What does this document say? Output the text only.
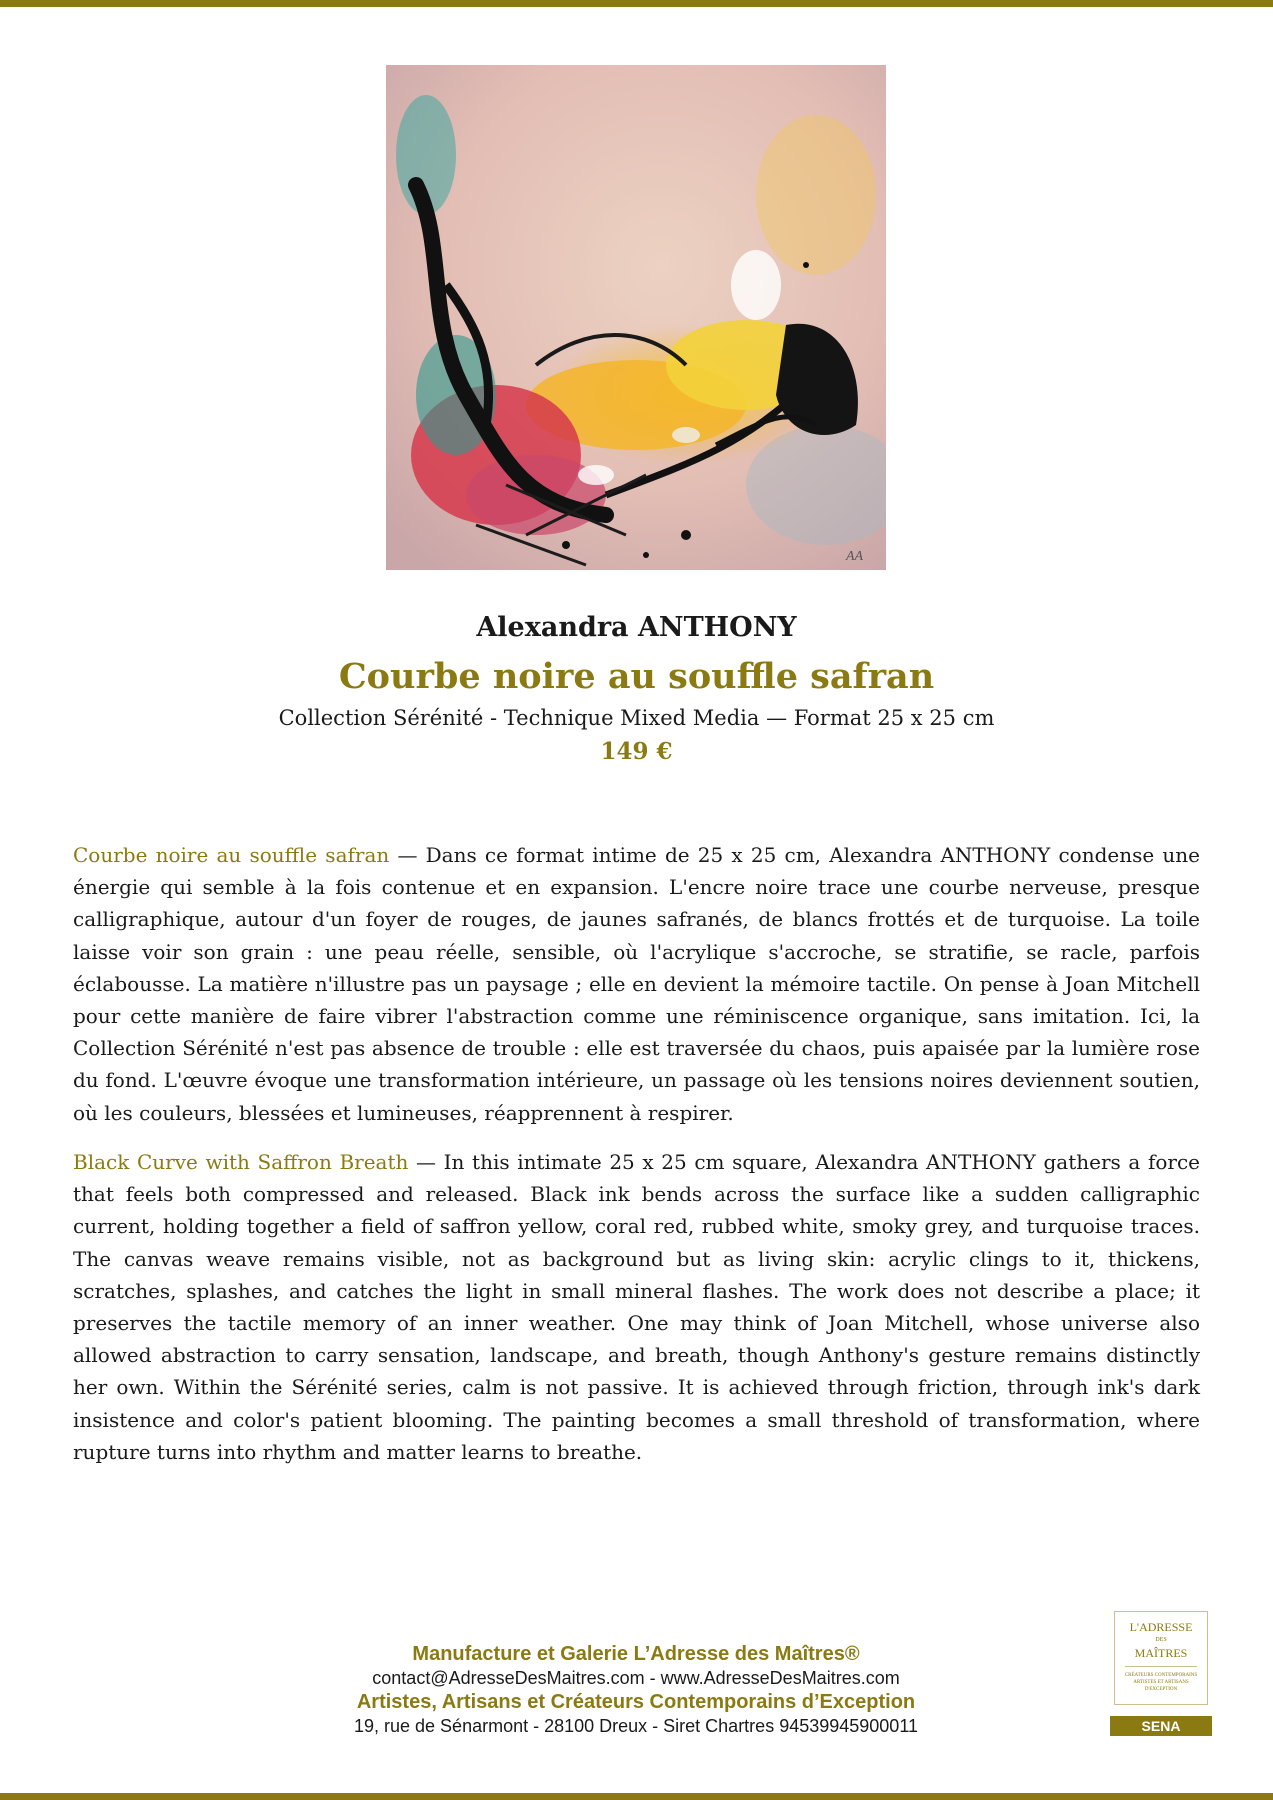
AA
Alexandra ANTHONY
Courbe noire au souffle safran
Collection Sérénité - Technique Mixed Media — Format 25 x 25 cm
149 €

Courbe noire au souffle safran — Dans ce format intime de 25 x 25 cm, Alexandra ANTHONY condense une énergie qui semble à la fois contenue et en expansion. L'encre noire trace une courbe nerveuse, presque calligraphique, autour d'un foyer de rouges, de jaunes safranés, de blancs frottés et de turquoise. La toile laisse voir son grain : une peau réelle, sensible, où l'acrylique s'accroche, se stratifie, se racle, parfois éclabousse. La matière n'illustre pas un paysage ; elle en devient la mémoire tactile. On pense à Joan Mitchell pour cette manière de faire vibrer l'abstraction comme une réminiscence organique, sans imitation. Ici, la Collection Sérénité n'est pas absence de trouble : elle est traversée du chaos, puis apaisée par la lumière rose du fond. L'œuvre évoque une transformation intérieure, un passage où les tensions noires deviennent soutien, où les couleurs, blessées et lumineuses, réapprennent à respirer.

Black Curve with Saffron Breath — In this intimate 25 x 25 cm square, Alexandra ANTHONY gathers a force that feels both compressed and released. Black ink bends across the surface like a sudden calligraphic current, holding together a field of saffron yellow, coral red, rubbed white, smoky grey, and turquoise traces. The canvas weave remains visible, not as background but as living skin: acrylic clings to it, thickens, scratches, splashes, and catches the light in small mineral flashes. The work does not describe a place; it preserves the tactile memory of an inner weather. One may think of Joan Mitchell, whose universe also allowed abstraction to carry sensation, landscape, and breath, though Anthony's gesture remains distinctly her own. Within the Sérénité series, calm is not passive. It is achieved through friction, through ink's dark insistence and color's patient blooming. The painting becomes a small threshold of transformation, where rupture turns into rhythm and matter learns to breathe.

Manufacture et Galerie L’Adresse des Maîtres®
contact@AdresseDesMaitres.com - www.AdresseDesMaitres.com
Artistes, Artisans et Créateurs Contemporains d’Exception
19, rue de Sénarmont - 28100 Dreux - Siret Chartres 94539945900011
L'ADRESSE
DES
MAÎTRES
CRÉATEURS CONTEMPORAINS ARTISTES ET ARTISANS D'EXCEPTION
SENA
